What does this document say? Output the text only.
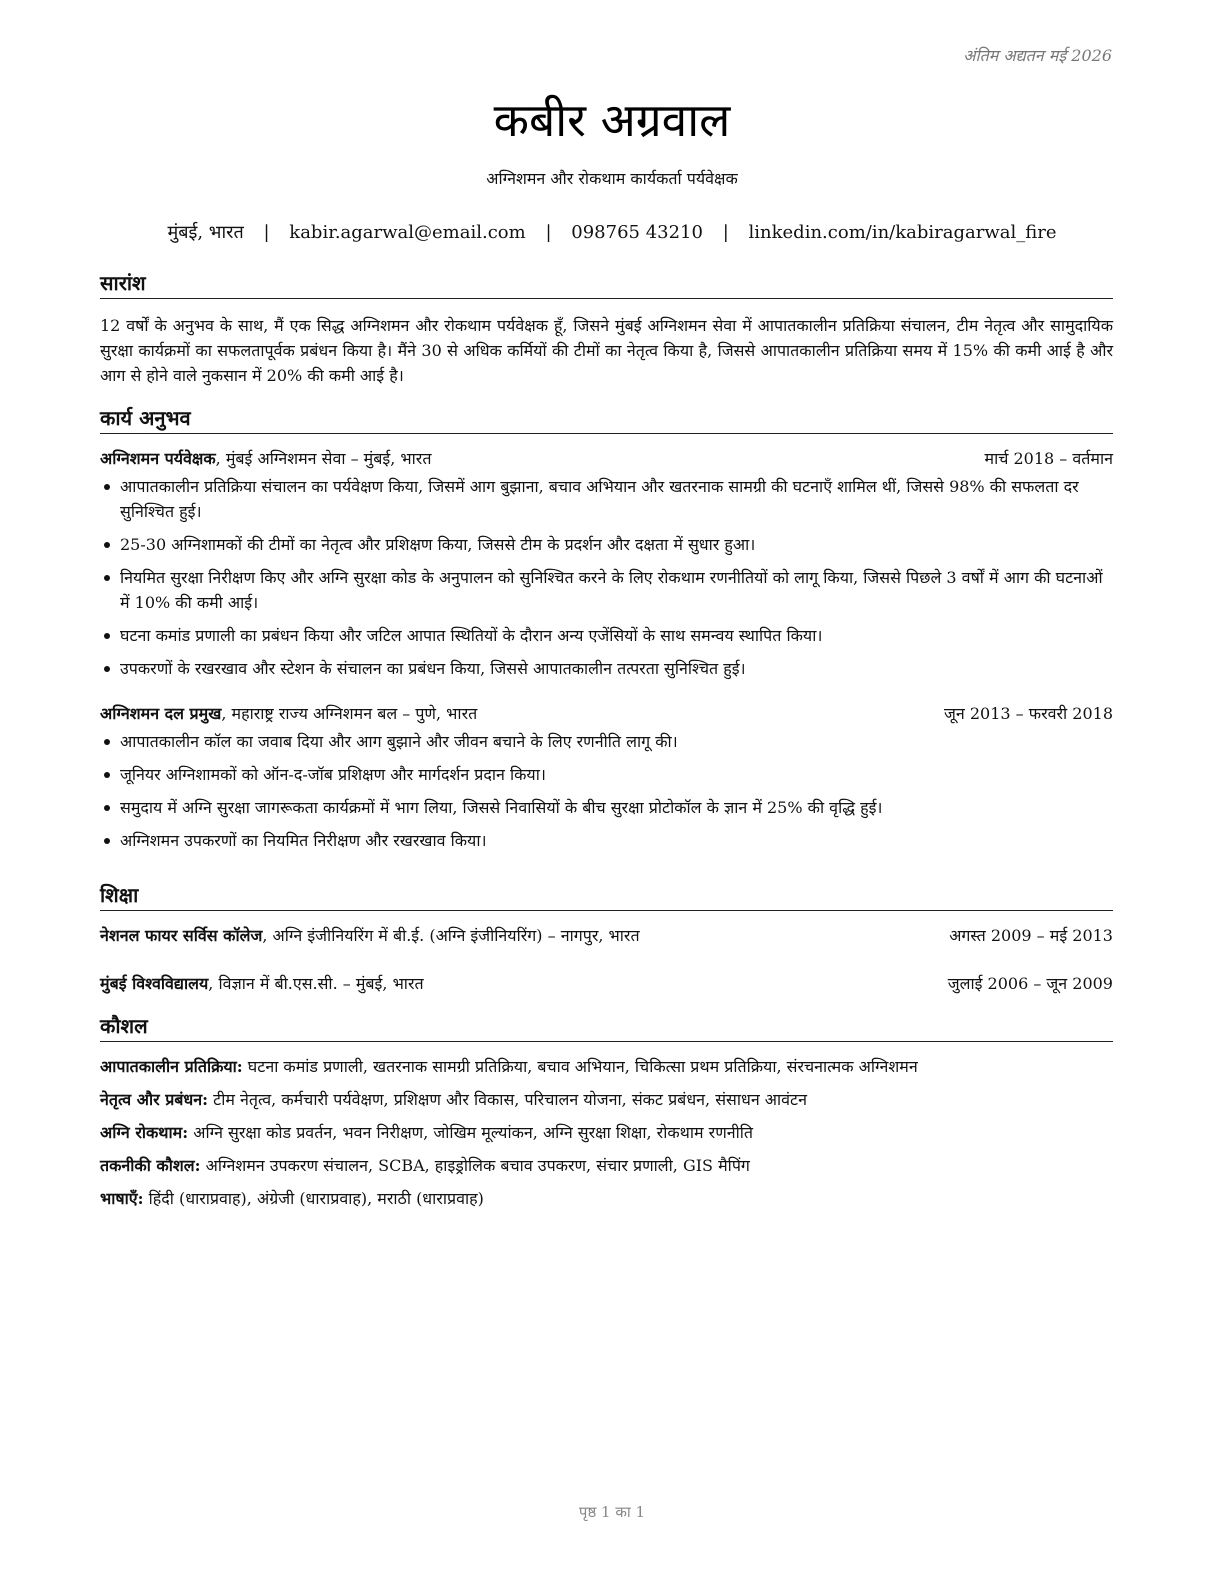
अंतिम अद्यतन मई 2026
कबीर अग्रवाल
अग्निशमन और रोकथाम कार्यकर्ता पर्यवेक्षक
मुंबई, भारत | kabir.agarwal@email.com | 098765 43210 | linkedin.com/in/kabiragarwal_fire
सारांश

12 वर्षों के अनुभव के साथ, मैं एक सिद्ध अग्निशमन और रोकथाम पर्यवेक्षक हूँ, जिसने मुंबई अग्निशमन सेवा में आपातकालीन प्रतिक्रिया संचालन, टीम नेतृत्व और सामुदायिक सुरक्षा कार्यक्रमों का सफलतापूर्वक प्रबंधन किया है। मैंने 30 से अधिक कर्मियों की टीमों का नेतृत्व किया है, जिससे आपातकालीन प्रतिक्रिया समय में 15% की कमी आई है और आग से होने वाले नुकसान में 20% की कमी आई है।

कार्य अनुभव
अग्निशमन पर्यवेक्षक, मुंबई अग्निशमन सेवा – मुंबई, भारत	मार्च 2018 – वर्तमान
आपातकालीन प्रतिक्रिया संचालन का पर्यवेक्षण किया, जिसमें आग बुझाना, बचाव अभियान और खतरनाक सामग्री की घटनाएँ शामिल थीं, जिससे 98% की सफलता दर सुनिश्चित हुई।
25-30 अग्निशामकों की टीमों का नेतृत्व और प्रशिक्षण किया, जिससे टीम के प्रदर्शन और दक्षता में सुधार हुआ।
नियमित सुरक्षा निरीक्षण किए और अग्नि सुरक्षा कोड के अनुपालन को सुनिश्चित करने के लिए रोकथाम रणनीतियों को लागू किया, जिससे पिछले 3 वर्षों में आग की घटनाओं में 10% की कमी आई।
घटना कमांड प्रणाली का प्रबंधन किया और जटिल आपात स्थितियों के दौरान अन्य एजेंसियों के साथ समन्वय स्थापित किया।
उपकरणों के रखरखाव और स्टेशन के संचालन का प्रबंधन किया, जिससे आपातकालीन तत्परता सुनिश्चित हुई।
अग्निशमन दल प्रमुख, महाराष्ट्र राज्य अग्निशमन बल – पुणे, भारत	जून 2013 – फरवरी 2018
आपातकालीन कॉल का जवाब दिया और आग बुझाने और जीवन बचाने के लिए रणनीति लागू की।
जूनियर अग्निशामकों को ऑन-द-जॉब प्रशिक्षण और मार्गदर्शन प्रदान किया।
समुदाय में अग्नि सुरक्षा जागरूकता कार्यक्रमों में भाग लिया, जिससे निवासियों के बीच सुरक्षा प्रोटोकॉल के ज्ञान में 25% की वृद्धि हुई।
अग्निशमन उपकरणों का नियमित निरीक्षण और रखरखाव किया।
शिक्षा
नेशनल फायर सर्विस कॉलेज, अग्नि इंजीनियरिंग में बी.ई. (अग्नि इंजीनियरिंग) – नागपुर, भारत	अगस्त 2009 – मई 2013
मुंबई विश्वविद्यालय, विज्ञान में बी.एस.सी. – मुंबई, भारत	जुलाई 2006 – जून 2009
कौशल
आपातकालीन प्रतिक्रिया: घटना कमांड प्रणाली, खतरनाक सामग्री प्रतिक्रिया, बचाव अभियान, चिकित्सा प्रथम प्रतिक्रिया, संरचनात्मक अग्निशमन
नेतृत्व और प्रबंधन: टीम नेतृत्व, कर्मचारी पर्यवेक्षण, प्रशिक्षण और विकास, परिचालन योजना, संकट प्रबंधन, संसाधन आवंटन
अग्नि रोकथाम: अग्नि सुरक्षा कोड प्रवर्तन, भवन निरीक्षण, जोखिम मूल्यांकन, अग्नि सुरक्षा शिक्षा, रोकथाम रणनीति
तकनीकी कौशल: अग्निशमन उपकरण संचालन, SCBA, हाइड्रोलिक बचाव उपकरण, संचार प्रणाली, GIS मैपिंग
भाषाएँ: हिंदी (धाराप्रवाह), अंग्रेजी (धाराप्रवाह), मराठी (धाराप्रवाह)
पृष्ठ 1 का 1
